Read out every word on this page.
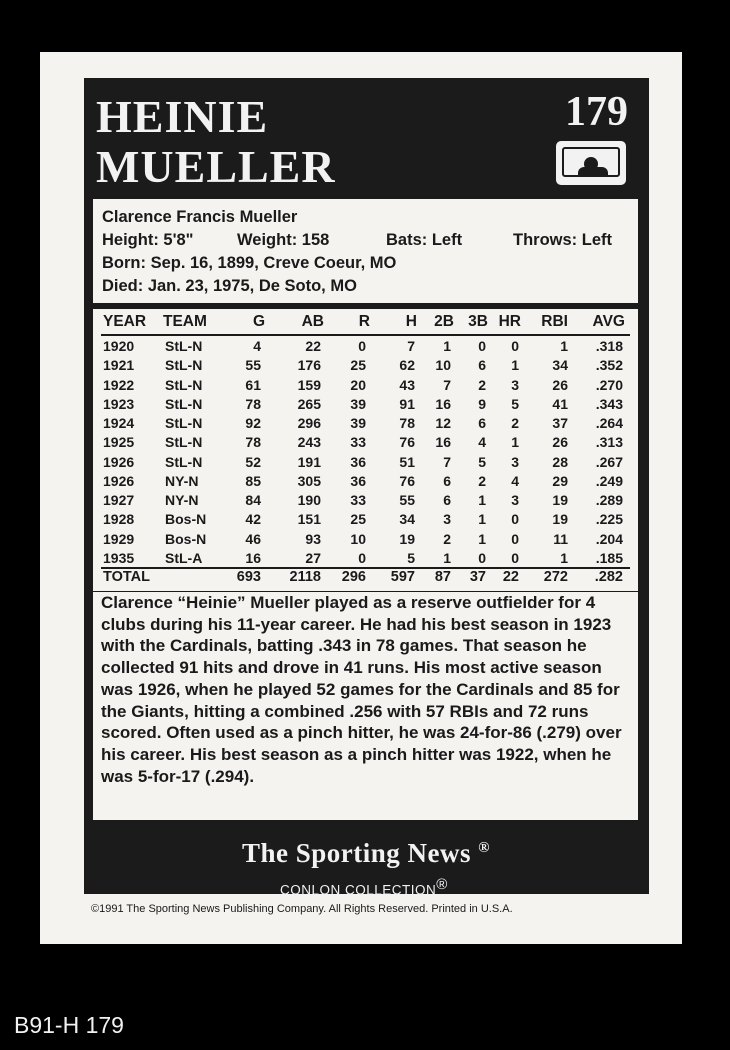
HEINIE
MUELLER
179
Clarence Francis Mueller
Height: 5'8"	Weight: 158	Bats: Left	Throws: Left
Born: Sep. 16, 1899, Creve Coeur, MO
Died: Jan. 23, 1975, De Soto, MO
YEAR TEAM	G AB R H 2B 3B HR RBI AVG
1920 StL-N	4	22	0	7 1 0 0	1 .318
1921 StL-N	55	176 25 62 10 6 1 34 .352
1922 StL-N	61	159 20 43 7 2 3 26 .270
1923 StL-N	78	265 39 91 16 9 5 41 .343
1924 StL-N	92	296 39 78 12 6 2 37 .264
1925 StL-N	78	243 33 76 16 4 1 26 .313
1926 StL-N	52	191 36 51 7 5 3 28 .267
1926 NY-N	85	305 36 76 6 2 4 29 .249
1927 NY-N	84	190 33 55 6 1 3 19 .289
1928 Bos-N	42	151 25 34 3 1 0 19 .225
1929 Bos-N	46	93 10 19 2 1 0 11 .204
1935 StL-A	16	27	0	5 1 0 0	1 .185
TOTAL	693 2118 296 597 87 37 22 272 .282

Clarence “Heinie” Mueller played as a reserve outfielder for 4 clubs during his 11-year career. He had his best season in 1923 with the Cardinals, batting .343 in 78 games. That season he collected 91 hits and drove in 41 runs. His most active season was 1926, when he played 52 games for the Cardinals and 85 for the Giants, hitting a combined .256 with 57 RBIs and 72 runs scored. Often used as a pinch hitter, he was 24-for-86 (.279) over his career. His best season as a pinch hitter was 1922, when he was 5-for-17 (.294).

The Sporting News ®
CONLON COLLECTION®
©1991 The Sporting News Publishing Company. All Rights Reserved. Printed in U.S.A.
B91-H 179
